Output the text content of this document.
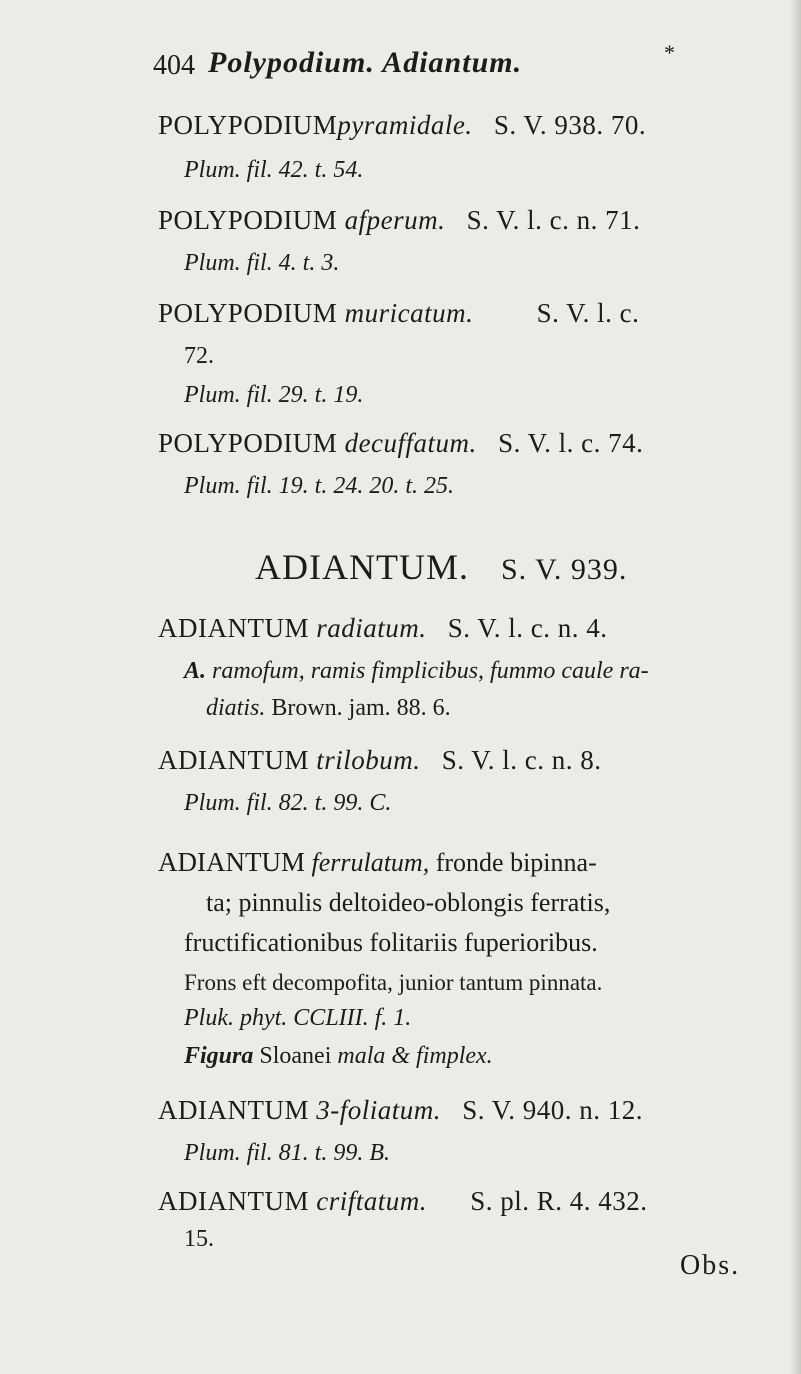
404 Polypodium. Adiantum.	*
POLYPODIUMpyramidale. S. V. 938. 70.
Plum. fil. 42. t. 54.
POLYPODIUM afperum. S. V. l. c. n. 71.
Plum. fil. 4. t. 3.
POLYPODIUM muricatum. S. V. l. c.
72.
Plum. fil. 29. t. 19.
POLYPODIUM decuffatum. S. V. l. c. 74.
Plum. fil. 19. t. 24. 20. t. 25.
ADIANTUM. S. V. 939.
ADIANTUM radiatum. S. V. l. c. n. 4.
A. ramofum, ramis fimplicibus, fummo caule ra-
diatis. Brown. jam. 88. 6.
ADIANTUM trilobum. S. V. l. c. n. 8.
Plum. fil. 82. t. 99. C.
ADIANTUM ferrulatum, fronde bipinna-
ta; pinnulis deltoideo-oblongis ferratis,
fructificationibus folitariis fuperioribus.
Frons eft decompofita, junior tantum pinnata.
Pluk. phyt. CCLIII. f. 1.
Figura Sloanei mala & fimplex.
ADIANTUM 3-foliatum. S. V. 940. n. 12.
Plum. fil. 81. t. 99. B.
ADIANTUM criftatum. S. pl. R. 4. 432.
15.
Obs.
